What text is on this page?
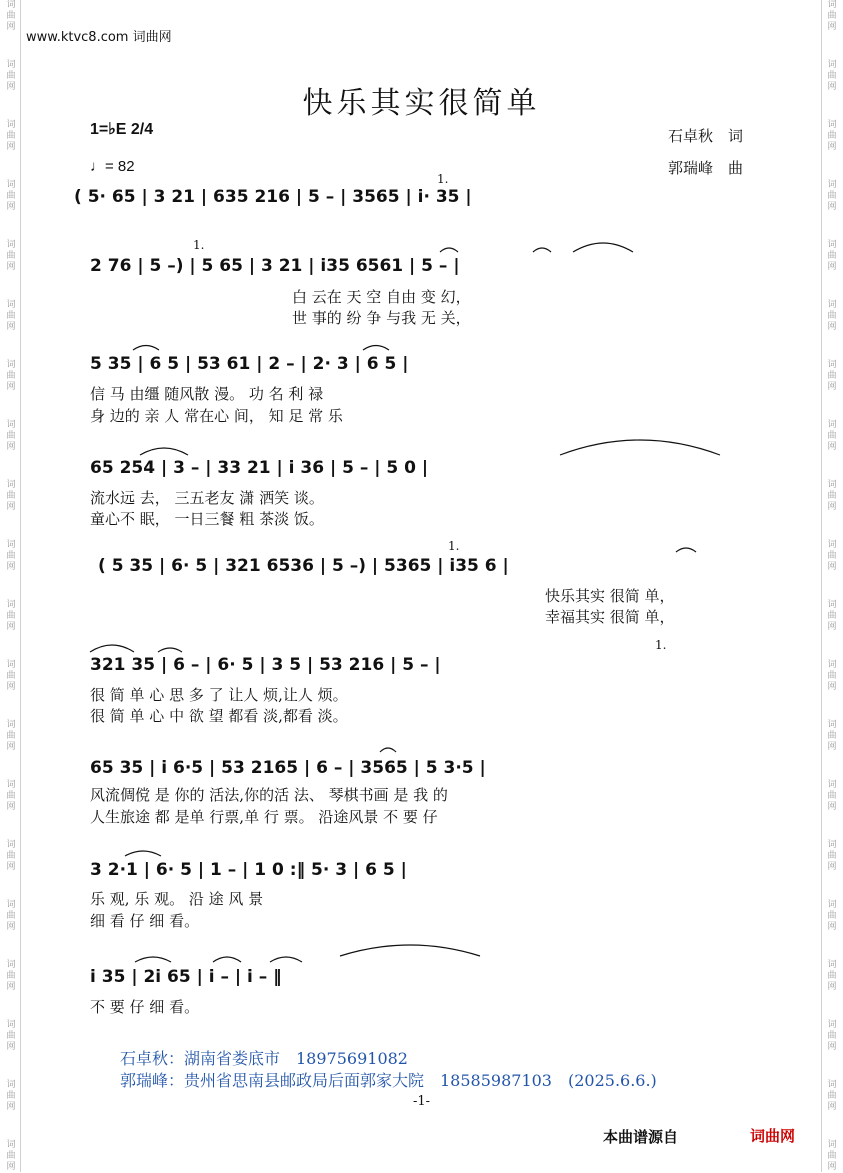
词
曲
网
词
曲
网
词
曲
网
词
曲
网
词
曲
网
词
曲
网
词
曲
网
词
曲
网
词
曲
网
词
曲
网
词
曲
网
词
曲
网
词
曲
网
词
曲
网
词
曲
网
词
曲
网
词
曲
网
词
曲
网
词
曲
网
词
曲
网
词
曲
网
词
曲
网
词
曲
网
词
曲
网
词
曲
网
词
曲
网
词
曲
网
词
曲
网
词
曲
网
词
曲
网
词
曲
网
词
曲
网
词
曲
网
词
曲
网
词
曲
网
词
曲
网
词
曲
网
词
曲
网
词
曲
网
词
曲
网
www.ktvc8.com 词曲网
快乐其实很简单
1=♭E 2/4
♩= 82
石卓秋　词
郭瑞峰　曲
( 5· 65 | 3 21 | 635 216 | 5 – | 3565 | i· 35 |
1.
2 76 | 5 –) | 5 65 | 3 21 | i35 6561 | 5 – |
1.
白 云在 天 空 自由 变 幻，
世 事的 纷 争 与我 无 关，
5 35 | 6 5 | 53 61 | 2 – | 2· 3 | 6 5 |
信 马 由缰 随风散 漫。 功 名 利 禄
身 边的 亲 人 常在心 间， 知 足 常 乐
65 254 | 3 – | 33 21 | i 36 | 5 – | 5 0 |
流水远 去， 三五老友 潇 洒笑 谈。
童心不 眠， 一日三餐 粗 茶淡 饭。
( 5 35 | 6· 5 | 321 6536 | 5 –) | 5365 | i35 6 |
1.
快乐其实 很简 单，
幸福其实 很简 单，
321 35 | 6 – | 6· 5 | 3 5 | 53 216 | 5 – |
1.
很 简 单 心 思 多 了 让人 烦,让人 烦。
很 简 单 心 中 欲 望 都看 淡,都看 淡。
65 35 | i 6·5 | 53 2165 | 6 – | 3565 | 5 3·5 |
风流倜傥 是 你的 活法,你的活 法、 琴棋书画 是 我 的
人生旅途 都 是单 行票,单 行 票。 沿途风景 不 要 仔
3 2·1 | 6· 5 | 1 – | 1 0 :‖ 5· 3 | 6 5 |
乐 观, 乐 观。 沿 途 风 景
细 看 仔 细 看。
i 35 | 2i 65 | i – | i – ‖
不 要 仔 细 看。
石卓秋：湖南省娄底市　18975691082
郭瑞峰：贵州省思南县邮政局后面郭家大院　18585987103　(2025.6.6.)
-1-
本曲谱源自	词曲网
